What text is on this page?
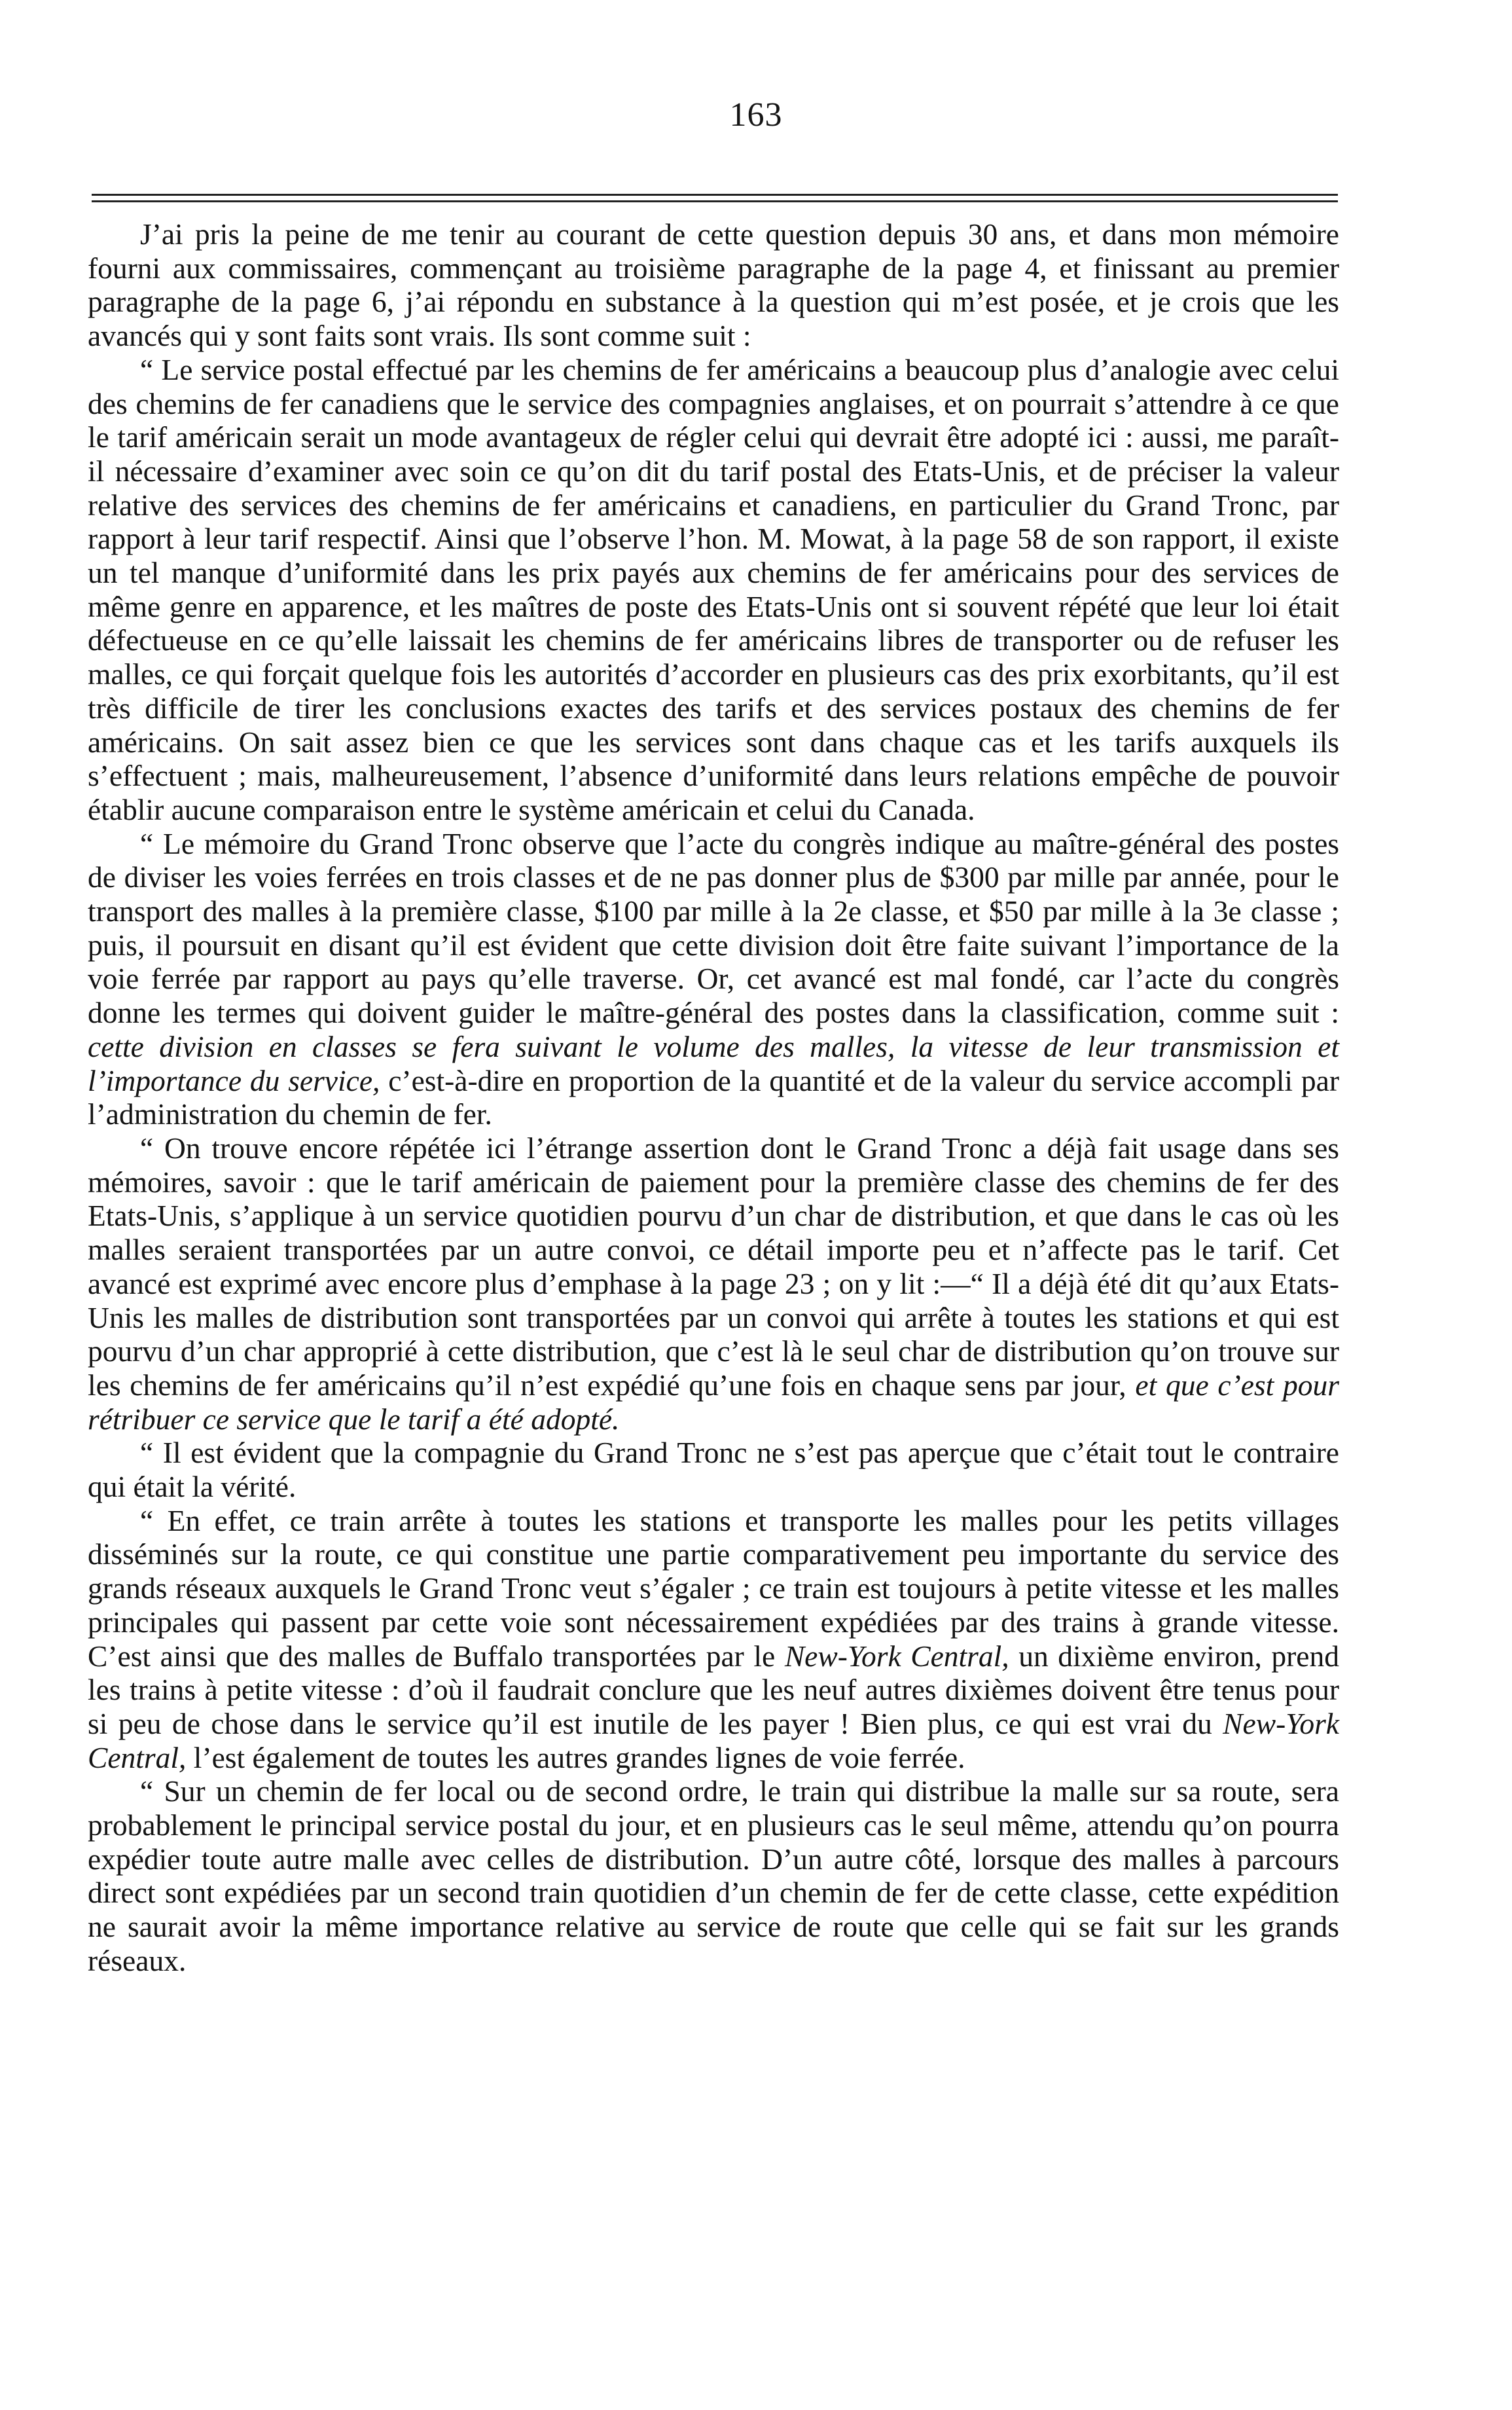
163

J’ai pris la peine de me tenir au courant de cette question depuis 30 ans, et dans mon mémoire fourni aux commissaires, commençant au troisième paragraphe de la page 4, et finissant au premier paragraphe de la page 6, j’ai répondu en substance à la question qui m’est posée, et je crois que les avancés qui y sont faits sont vrais. Ils sont comme suit :

“ Le service postal effectué par les chemins de fer américains a beaucoup plus d’analogie avec celui des chemins de fer canadiens que le service des compagnies anglaises, et on pourrait s’attendre à ce que le tarif américain serait un mode avantageux de régler celui qui devrait être adopté ici : aussi, me paraît-il nécessaire d’examiner avec soin ce qu’on dit du tarif postal des Etats-Unis, et de préciser la valeur relative des services des chemins de fer américains et canadiens, en particulier du Grand Tronc, par rapport à leur tarif respectif. Ainsi que l’observe l’hon. M. Mowat, à la page 58 de son rapport, il existe un tel manque d’uniformité dans les prix payés aux chemins de fer américains pour des services de même genre en apparence, et les maîtres de poste des Etats-Unis ont si souvent répété que leur loi était défectueuse en ce qu’elle laissait les chemins de fer américains libres de transporter ou de refuser les malles, ce qui forçait quelque fois les autorités d’accorder en plusieurs cas des prix exorbitants, qu’il est très difficile de tirer les conclusions exactes des tarifs et des services postaux des chemins de fer américains. On sait assez bien ce que les services sont dans chaque cas et les tarifs auxquels ils s’effectuent ; mais, malheureusement, l’absence d’uniformité dans leurs relations empêche de pouvoir établir aucune comparaison entre le système américain et celui du Canada.

“ Le mémoire du Grand Tronc observe que l’acte du congrès indique au maître-général des postes de diviser les voies ferrées en trois classes et de ne pas donner plus de $300 par mille par année, pour le transport des malles à la première classe, $100 par mille à la 2e classe, et $50 par mille à la 3e classe ; puis, il poursuit en disant qu’il est évident que cette division doit être faite suivant l’importance de la voie ferrée par rapport au pays qu’elle traverse. Or, cet avancé est mal fondé, car l’acte du congrès donne les termes qui doivent guider le maître-général des postes dans la classification, comme suit : cette division en classes se fera suivant le volume des malles, la vitesse de leur transmission et l’importance du service, c’est-à-dire en proportion de la quantité et de la valeur du service accompli par l’administration du chemin de fer.

“ On trouve encore répétée ici l’étrange assertion dont le Grand Tronc a déjà fait usage dans ses mémoires, savoir : que le tarif américain de paiement pour la première classe des chemins de fer des Etats-Unis, s’applique à un service quotidien pourvu d’un char de distribution, et que dans le cas où les malles seraient transportées par un autre convoi, ce détail importe peu et n’affecte pas le tarif. Cet avancé est exprimé avec encore plus d’emphase à la page 23 ; on y lit :—“ Il a déjà été dit qu’aux Etats-Unis les malles de distribution sont transportées par un convoi qui arrête à toutes les stations et qui est pourvu d’un char approprié à cette distribution, que c’est là le seul char de distribution qu’on trouve sur les chemins de fer américains qu’il n’est expédié qu’une fois en chaque sens par jour, et que c’est pour rétribuer ce service que le tarif a été adopté.

“ Il est évident que la compagnie du Grand Tronc ne s’est pas aperçue que c’était tout le contraire qui était la vérité.

“ En effet, ce train arrête à toutes les stations et transporte les malles pour les petits villages disséminés sur la route, ce qui constitue une partie comparativement peu importante du service des grands réseaux auxquels le Grand Tronc veut s’égaler ; ce train est toujours à petite vitesse et les malles principales qui passent par cette voie sont nécessairement expédiées par des trains à grande vitesse. C’est ainsi que des malles de Buffalo transportées par le New-York Central, un dixième environ, prend les trains à petite vitesse : d’où il faudrait conclure que les neuf autres dixièmes doivent être tenus pour si peu de chose dans le service qu’il est inutile de les payer ! Bien plus, ce qui est vrai du New-York Central, l’est également de toutes les autres grandes lignes de voie ferrée.

“ Sur un chemin de fer local ou de second ordre, le train qui distribue la malle sur sa route, sera probablement le principal service postal du jour, et en plusieurs cas le seul même, attendu qu’on pourra expédier toute autre malle avec celles de distribution. D’un autre côté, lorsque des malles à parcours direct sont expédiées par un second train quotidien d’un chemin de fer de cette classe, cette expédition ne saurait avoir la même importance relative au service de route que celle qui se fait sur les grands réseaux.
